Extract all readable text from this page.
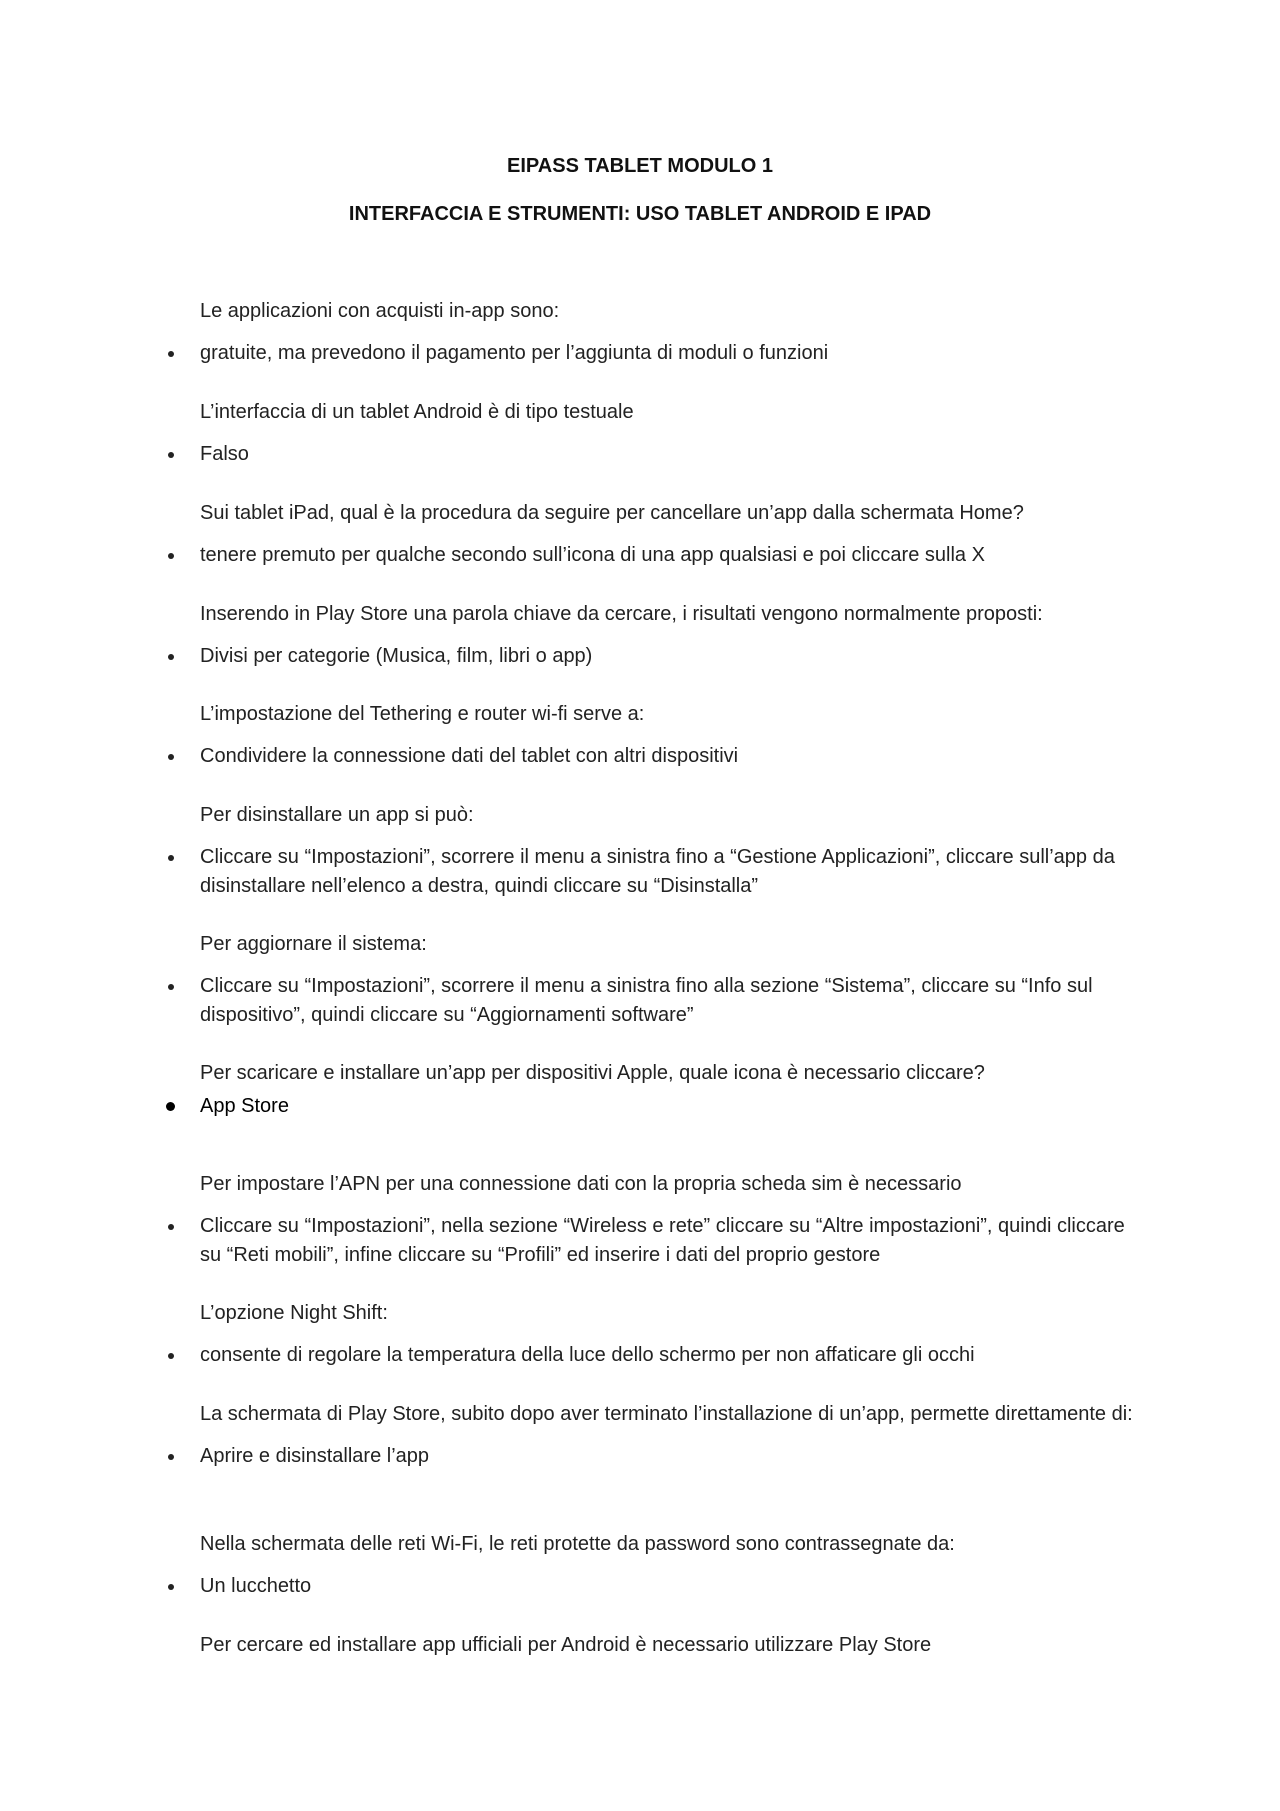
EIPASS TABLET MODULO 1

INTERFACCIA E STRUMENTI: USO TABLET ANDROID E IPAD

Le applicazioni con acquisti in-app sono:

gratuite, ma prevedono il pagamento per l’aggiunta di moduli o funzioni

L’interfaccia di un tablet Android è di tipo testuale

Falso

Sui tablet iPad, qual è la procedura da seguire per cancellare un’app dalla schermata Home?

tenere premuto per qualche secondo sull’icona di una app qualsiasi e poi cliccare sulla X

Inserendo in Play Store una parola chiave da cercare, i risultati vengono normalmente proposti:

Divisi per categorie (Musica, film, libri o app)

L’impostazione del Tethering e router wi-fi serve a:

Condividere la connessione dati del tablet con altri dispositivi

Per disinstallare un app si può:

Cliccare su “Impostazioni”, scorrere il menu a sinistra fino a “Gestione Applicazioni”, cliccare sull’app da disinstallare nell’elenco a destra, quindi cliccare su “Disinstalla”

Per aggiornare il sistema:

Cliccare su “Impostazioni”, scorrere il menu a sinistra fino alla sezione “Sistema”, cliccare su “Info sul dispositivo”, quindi cliccare su “Aggiornamenti software”

Per scaricare e installare un’app per dispositivi Apple, quale icona è necessario cliccare?

App Store

Per impostare l’APN per una connessione dati con la propria scheda sim è necessario

Cliccare su “Impostazioni”, nella sezione “Wireless e rete” cliccare su “Altre impostazioni”, quindi cliccare su “Reti mobili”, infine cliccare su “Profili” ed inserire i dati del proprio gestore

L’opzione Night Shift:

consente di regolare la temperatura della luce dello schermo per non affaticare gli occhi

La schermata di Play Store, subito dopo aver terminato l’installazione di un’app, permette direttamente di:

Aprire e disinstallare l’app

Nella schermata delle reti Wi-Fi, le reti protette da password sono contrassegnate da:

Un lucchetto

Per cercare ed installare app ufficiali per Android è necessario utilizzare Play Store
